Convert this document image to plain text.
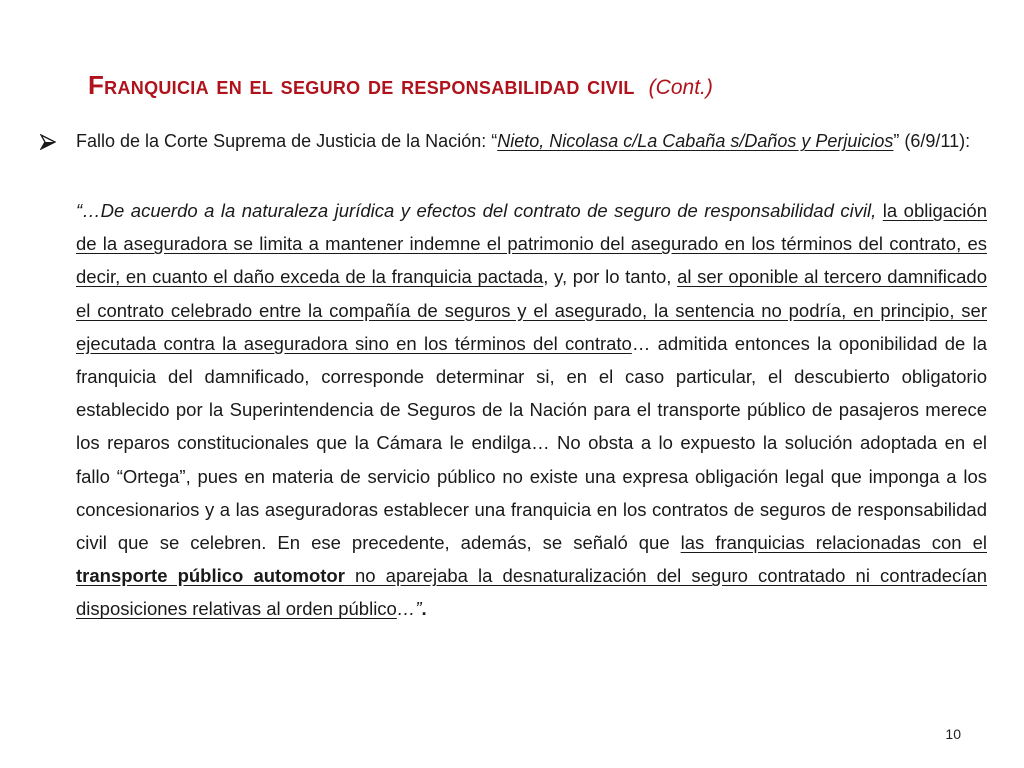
Franquicia en el seguro de responsabilidad civil (Cont.)
Fallo de la Corte Suprema de Justicia de la Nación: “Nieto, Nicolasa c/La Cabaña s/Daños y Perjuicios” (6/9/11):
“…De acuerdo a la naturaleza jurídica y efectos del contrato de seguro de responsabilidad civil, la obligación de la aseguradora se limita a mantener indemne el patrimonio del asegurado en los términos del contrato, es decir, en cuanto el daño exceda de la franquicia pactada, y, por lo tanto, al ser oponible al tercero damnificado el contrato celebrado entre la compañía de seguros y el asegurado, la sentencia no podría, en principio, ser ejecutada contra la aseguradora sino en los términos del contrato… admitida entonces la oponibilidad de la franquicia del damnificado, corresponde determinar si, en el caso particular, el descubierto obligatorio establecido por la Superintendencia de Seguros de la Nación para el transporte público de pasajeros merece los reparos constitucionales que la Cámara le endilga… No obsta a lo expuesto la solución adoptada en el fallo “Ortega”, pues en materia de servicio público no existe una expresa obligación legal que imponga a los concesionarios y a las aseguradoras establecer una franquicia en los contratos de seguros de responsabilidad civil que se celebren. En ese precedente, además, se señaló que las franquicias relacionadas con el transporte público automotor no aparejaba la desnaturalización del seguro contratado ni contradecían disposiciones relativas al orden público…”.
10
